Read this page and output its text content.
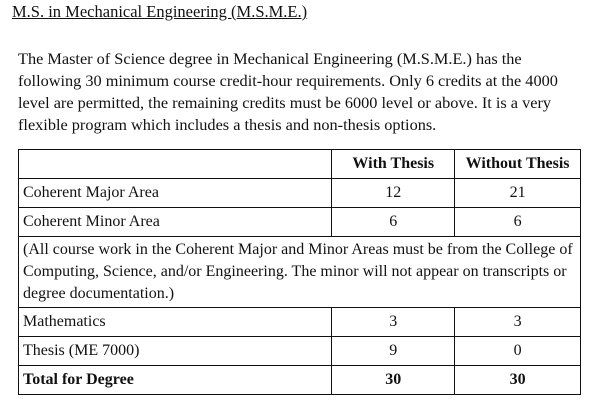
M.S. in Mechanical Engineering (M.S.M.E.)

The Master of Science degree in Mechanical Engineering (M.S.M.E.) has the following 30 minimum course credit-hour requirements. Only 6 credits at the 4000 level are permitted, the remaining credits must be 6000 level or above. It is a very flexible program which includes a thesis and non-thesis options.

	With Thesis	Without Thesis
Coherent Major Area	12	21
Coherent Minor Area	6	6
(All course work in the Coherent Major and Minor Areas must be from the College of Computing, Science, and/or Engineering. The minor will not appear on transcripts or degree documentation.)		
Mathematics	3	3
Thesis (ME 7000)	9	0
Total for Degree	30	30
